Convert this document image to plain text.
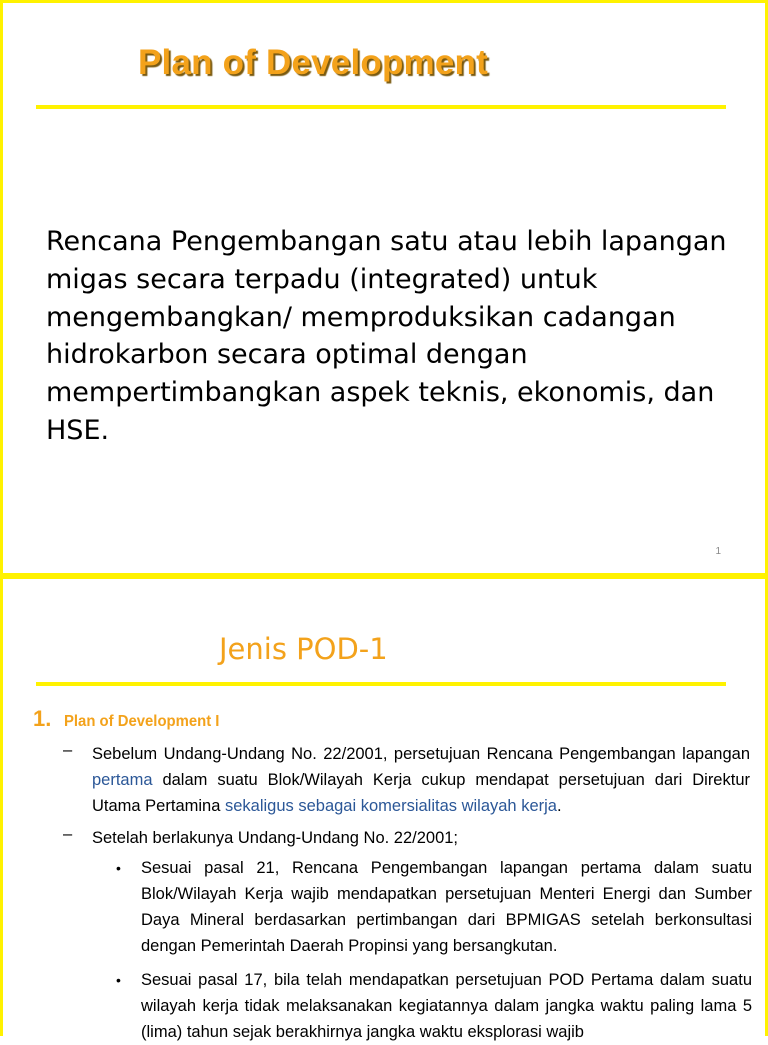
Plan of Development
Rencana Pengembangan satu atau lebih lapangan migas secara terpadu (integrated) untuk mengembangkan/ memproduksikan cadangan hidrokarbon secara optimal dengan mempertimbangkan aspek teknis, ekonomis, dan HSE.
1
Jenis POD-1
1. Plan of Development I
– Sebelum Undang-Undang No. 22/2001, persetujuan Rencana Pengembangan lapangan pertama dalam suatu Blok/Wilayah Kerja cukup mendapat persetujuan dari Direktur Utama Pertamina sekaligus sebagai komersialitas wilayah kerja.
– Setelah berlakunya Undang-Undang No. 22/2001;
• Sesuai pasal 21, Rencana Pengembangan lapangan pertama dalam suatu Blok/Wilayah Kerja wajib mendapatkan persetujuan Menteri Energi dan Sumber Daya Mineral berdasarkan pertimbangan dari BPMIGAS setelah berkonsultasi dengan Pemerintah Daerah Propinsi yang bersangkutan.
• Sesuai pasal 17, bila telah mendapatkan persetujuan POD Pertama dalam suatu wilayah kerja tidak melaksanakan kegiatannya dalam jangka waktu paling lama 5 (lima) tahun sejak berakhirnya jangka waktu eksplorasi wajib
